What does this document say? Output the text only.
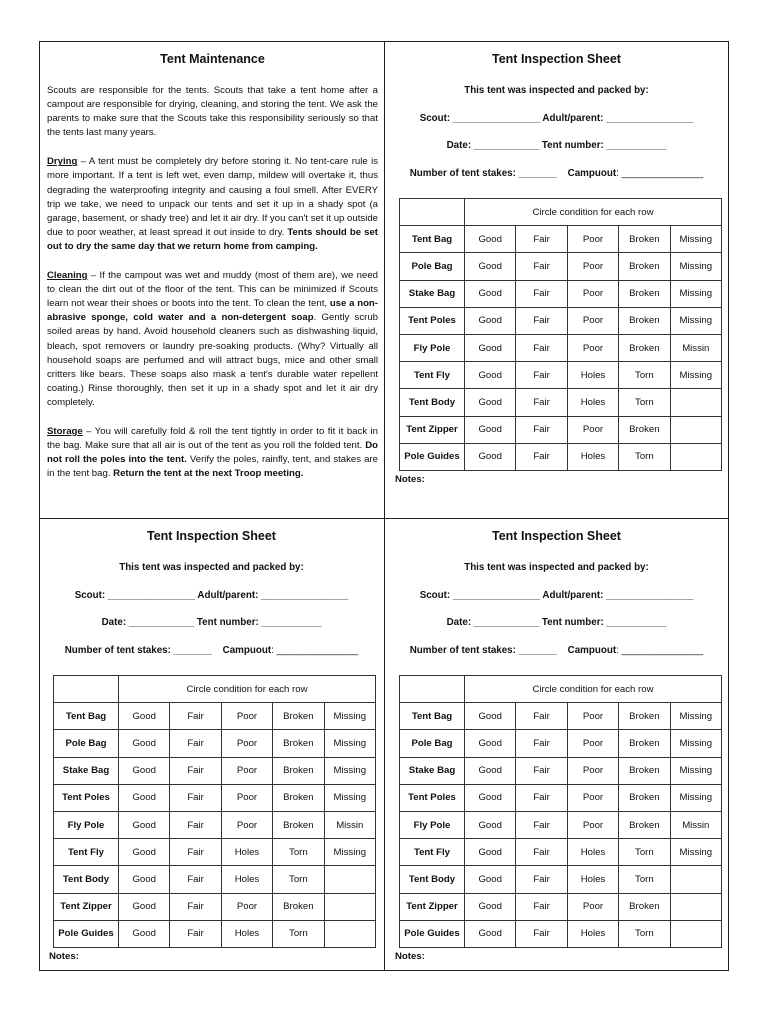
Tent Maintenance

Scouts are responsible for the tents. Scouts that take a tent home after a campout are responsible for drying, cleaning, and storing the tent. We ask the parents to make sure that the Scouts take this responsibility seriously so that the tents last many years.

Drying – A tent must be completely dry before storing it. No tent-care rule is more important. If a tent is left wet, even damp, mildew will overtake it, thus degrading the waterproofing integrity and causing a foul smell. After EVERY trip we take, we need to unpack our tents and set it up in a shady spot (a garage, basement, or shady tree) and let it air dry. If you can't set it up outside due to poor weather, at least spread it out inside to dry. Tents should be set out to dry the same day that we return home from camping.

Cleaning – If the campout was wet and muddy (most of them are), we need to clean the dirt out of the floor of the tent. This can be minimized if Scouts learn not wear their shoes or boots into the tent. To clean the tent, use a non-abrasive sponge, cold water and a non-detergent soap. Gently scrub soiled areas by hand. Avoid household cleaners such as dishwashing liquid, bleach, spot removers or laundry pre-soaking products. (Why? Virtually all household soaps are perfumed and will attract bugs, mice and other small critters like bears. These soaps also mask a tent's durable water repellent coating.) Rinse thoroughly, then set it up in a shady spot and let it air dry completely.

Storage – You will carefully fold & roll the tent tightly in order to fit it back in the bag. Make sure that all air is out of the tent as you roll the folded tent. Do not roll the poles into the tent. Verify the poles, rainfly, tent, and stakes are in the tent bag. Return the tent at the next Troop meeting.

Tent Inspection Sheet
This tent was inspected and packed by:
Scout: ________________ Adult/parent: ________________
Date: ____________ Tent number: ___________
Number of tent stakes: _______ Campuout: _______________
	Circle condition for each row				
Tent Bag	Good	Fair	Poor	Broken	Missing
Pole Bag	Good	Fair	Poor	Broken	Missing
Stake Bag	Good	Fair	Poor	Broken	Missing
Tent Poles	Good	Fair	Poor	Broken	Missing
Fly Pole	Good	Fair	Poor	Broken	Missin
Tent Fly	Good	Fair	Holes	Torn	Missing
Tent Body	Good	Fair	Holes	Torn	
Tent Zipper	Good	Fair	Poor	Broken	
Pole Guides	Good	Fair	Holes	Torn	
Notes:
Tent Inspection Sheet
This tent was inspected and packed by:
Scout: ________________ Adult/parent: ________________
Date: ____________ Tent number: ___________
Number of tent stakes: _______ Campuout: _______________
	Circle condition for each row				
Tent Bag	Good	Fair	Poor	Broken	Missing
Pole Bag	Good	Fair	Poor	Broken	Missing
Stake Bag	Good	Fair	Poor	Broken	Missing
Tent Poles	Good	Fair	Poor	Broken	Missing
Fly Pole	Good	Fair	Poor	Broken	Missin
Tent Fly	Good	Fair	Holes	Torn	Missing
Tent Body	Good	Fair	Holes	Torn	
Tent Zipper	Good	Fair	Poor	Broken	
Pole Guides	Good	Fair	Holes	Torn	
Notes:
Tent Inspection Sheet
This tent was inspected and packed by:
Scout: ________________ Adult/parent: ________________
Date: ____________ Tent number: ___________
Number of tent stakes: _______ Campuout: _______________
	Circle condition for each row				
Tent Bag	Good	Fair	Poor	Broken	Missing
Pole Bag	Good	Fair	Poor	Broken	Missing
Stake Bag	Good	Fair	Poor	Broken	Missing
Tent Poles	Good	Fair	Poor	Broken	Missing
Fly Pole	Good	Fair	Poor	Broken	Missin
Tent Fly	Good	Fair	Holes	Torn	Missing
Tent Body	Good	Fair	Holes	Torn	
Tent Zipper	Good	Fair	Poor	Broken	
Pole Guides	Good	Fair	Holes	Torn	
Notes:
